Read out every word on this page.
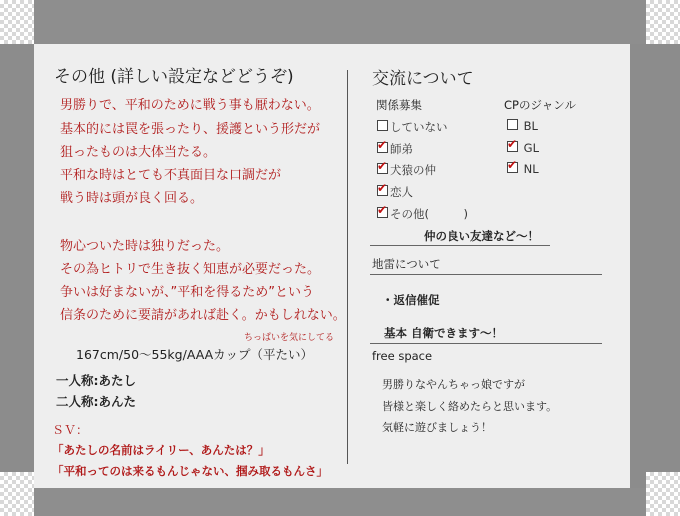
その他 (詳しい設定などどうぞ)
男勝りで、平和のために戦う事も厭わない。
基本的には罠を張ったり、援護という形だが
狙ったものは大体当たる。
平和な時はとても不真面目な口調だが
戦う時は頭が良く回る。
物心ついた時は独りだった。
その為ヒトリで生き抜く知恵が必要だった。
争いは好まないが、”平和を得るため”という
信条のために要請があれば赴く。かもしれない。
ちっぱいを気にしてる
167cm/50〜55kg/AAAカップ（平たい）
一人称:あたし
二人称:あんた
ＳＶ：
「あたしの名前はライリー、あんたは？」
「平和ってのは来るもんじゃない、掴み取るもんさ」
交流について
関係募集	CPのジャンル
していない
✔師弟
✔犬猿の仲
✔恋人
✔その他(　　　)
BL
✔ GL
✔ NL
仲の良い友達など〜！
地雷について
・返信催促
基本 自衛できます〜！
free space
男勝りなやんちゃっ娘ですが
皆様と楽しく絡めたらと思います。
気軽に遊びましょう！
